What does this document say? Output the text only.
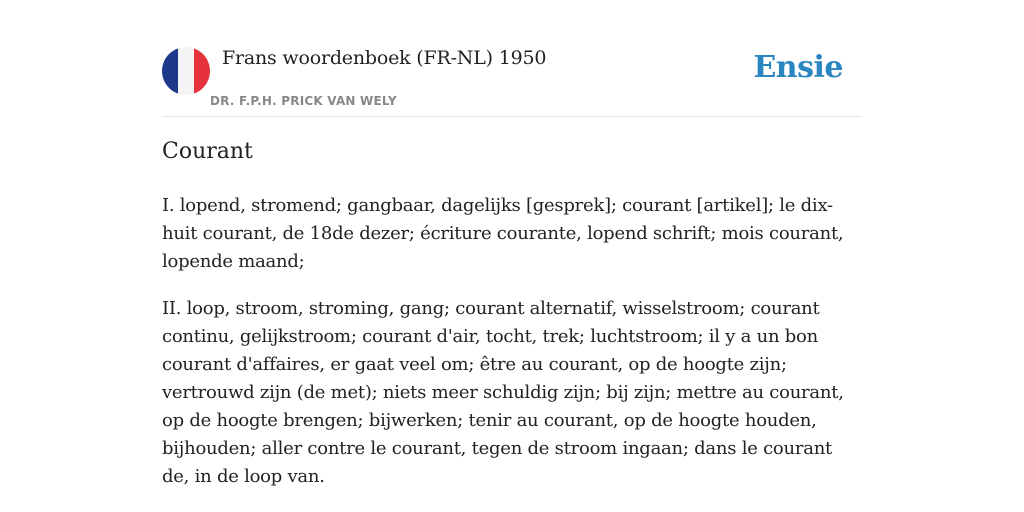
Frans woordenboek (FR-NL) 1950
DR. F.P.H. PRICK VAN WELY
Ensie
Courant

I. lopend, stromend; gangbaar, dagelijks [gesprek]; courant [artikel]; le dix-huit courant, de 18de dezer; écriture courante, lopend schrift; mois courant, lopende maand;

II. loop, stroom, stroming, gang; courant alternatif, wisselstroom; courant continu, gelijkstroom; courant d'air, tocht, trek; luchtstroom; il y a un bon courant d'affaires, er gaat veel om; être au courant, op de hoogte zijn; vertrouwd zijn (de met); niets meer schuldig zijn; bij zijn; mettre au courant, op de hoogte brengen; bijwerken; tenir au courant, op de hoogte houden, bijhouden; aller contre le courant, tegen de stroom ingaan; dans le courant de, in de loop van.
